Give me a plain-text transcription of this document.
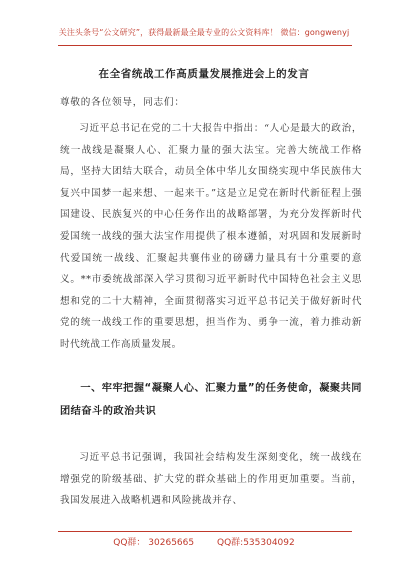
关注头条号“公文研究”，获得最新最全最专业的公文资料库！ 微信：gongwenyj
在全省统战工作高质量发展推进会上的发言
尊敬的各位领导，同志们：

习近平总书记在党的二十大报告中指出：“人心是最大的政治，统一战线是凝聚人心、汇聚力量的强大法宝。完善大统战工作格局，坚持大团结大联合，动员全体中华儿女围绕实现中华民族伟大复兴中国梦一起来想、一起来干。”这是立足党在新时代新征程上强国建设、民族复兴的中心任务作出的战略部署，为充分发挥新时代爱国统一战线的强大法宝作用提供了根本遵循，对巩固和发展新时代爱国统一战线、汇聚起共襄伟业的磅礴力量具有十分重要的意义。**市委统战部深入学习贯彻习近平新时代中国特色社会主义思想和党的二十大精神，全面贯彻落实习近平总书记关于做好新时代党的统一战线工作的重要思想，担当作为、勇争一流，着力推动新时代统战工作高质量发展。

一、牢牢把握“凝聚人心、汇聚力量”的任务使命，凝聚共同团结奋斗的政治共识

习近平总书记强调，我国社会结构发生深刻变化，统一战线在增强党的阶级基础、扩大党的群众基础上的作用更加重要。当前，我国发展进入战略机遇和风险挑战并存、

QQ群： 30265665        QQ群:535304092
